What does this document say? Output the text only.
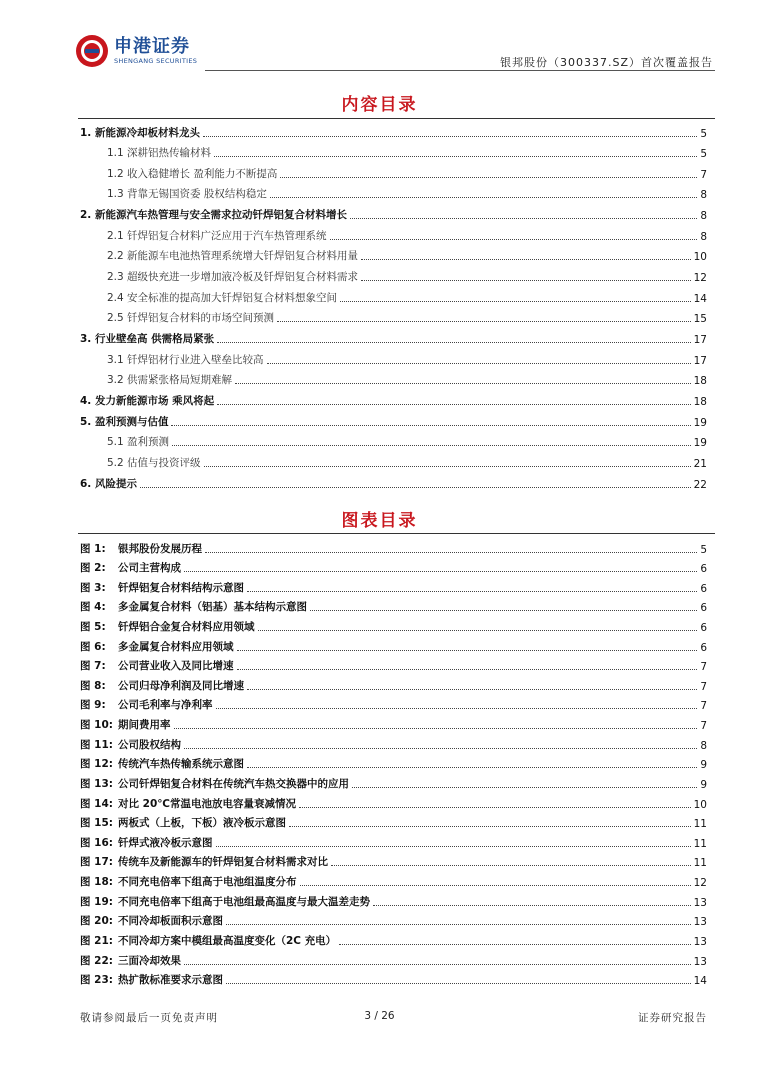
申港证券
SHENGANG SECURITIES	银邦股份（300337.SZ）首次覆盖报告
内容目录
1. 新能源冷却板材料龙头	5
1.1 深耕铝热传输材料	5
1.2 收入稳健增长 盈利能力不断提高	7
1.3 背靠无锡国资委 股权结构稳定	8
2. 新能源汽车热管理与安全需求拉动钎焊铝复合材料增长	8
2.1 钎焊铝复合材料广泛应用于汽车热管理系统	8
2.2 新能源车电池热管理系统增大钎焊铝复合材料用量	10
2.3 超级快充进一步增加液冷板及钎焊铝复合材料需求	12
2.4 安全标准的提高加大钎焊铝复合材料想象空间	14
2.5 钎焊铝复合材料的市场空间预测	15
3. 行业壁垒高 供需格局紧张	17
3.1 钎焊铝材行业进入壁垒比较高	17
3.2 供需紧张格局短期难解	18
4. 发力新能源市场 乘风将起	18
5. 盈利预测与估值	19
5.1 盈利预测	19
5.2 估值与投资评级	21
6. 风险提示	22
图表目录
图 1: 银邦股份发展历程	5
图 2: 公司主营构成	6
图 3: 钎焊铝复合材料结构示意图	6
图 4: 多金属复合材料（铝基）基本结构示意图	6
图 5: 钎焊铝合金复合材料应用领域	6
图 6: 多金属复合材料应用领域	6
图 7: 公司营业收入及同比增速	7
图 8: 公司归母净利润及同比增速	7
图 9: 公司毛利率与净利率	7
图 10: 期间费用率	7
图 11: 公司股权结构	8
图 12: 传统汽车热传输系统示意图	9
图 13: 公司钎焊铝复合材料在传统汽车热交换器中的应用	9
图 14: 对比 20℃常温电池放电容量衰减情况	10
图 15: 两板式（上板，下板）液冷板示意图	11
图 16: 钎焊式液冷板示意图	11
图 17: 传统车及新能源车的钎焊铝复合材料需求对比	11
图 18: 不同充电倍率下组高于电池组温度分布	12
图 19: 不同充电倍率下组高于电池组最高温度与最大温差走势	13
图 20: 不同冷却板面积示意图	13
图 21: 不同冷却方案中模组最高温度变化（2C 充电）	13
图 22: 三面冷却效果	13
图 23: 热扩散标准要求示意图	14
敬请参阅最后一页免责声明	3 / 26	证券研究报告
